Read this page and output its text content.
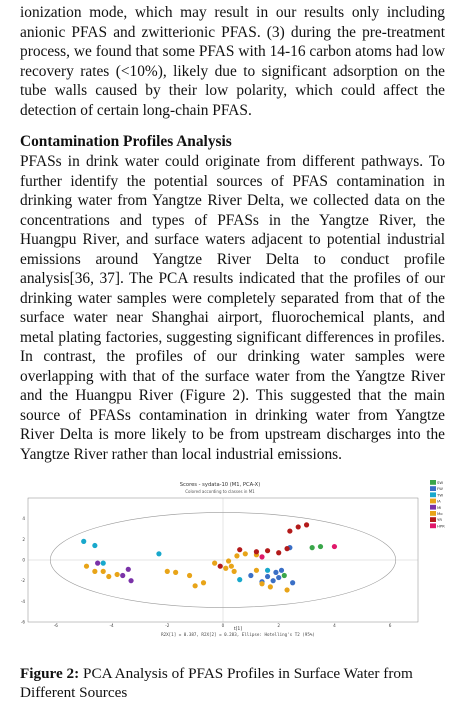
ionization mode, which may result in our results only including anionic PFAS and zwitterionic PFAS. (3) during the pre-treatment process, we found that some PFAS with 14-16 carbon atoms had low recovery rates (<10%), likely due to significant adsorption on the tube walls caused by their low polarity, which could affect the detection of certain long-chain PFAS.

Contamination Profiles Analysis

PFASs in drink water could originate from different pathways. To further identify the potential sources of PFAS contamination in drinking water from Yangtze River Delta, we collected data on the concentrations and types of PFASs in the Yangtze River, the Huangpu River, and surface waters adjacent to potential industrial emissions around Yangtze River Delta to conduct profile analysis[36, 37]. The PCA results indicated that the profiles of our drinking water samples were completely separated from that of the surface water near Shanghai airport, fluorochemical plants, and metal plating factories, suggesting significant differences in profiles. In contrast, the profiles of our drinking water samples were overlapping with that of the surface water from the Yangtze River and the Huangpu River (Figure 2). This suggested that the main source of PFASs contamination in drinking water from Yangtze River Delta is more likely to be from upstream discharges into the Yangtze River rather than local industrial emissions.

Scores - sydata-10 (M1, PCA-X)
Colored according to classes in M1
-6	-4	-2	0	2	4	6
-6
-4
-2
0
2
4
SW
FW
TW
IA
MI
Mo
YR
HPR
t[1]
R2X[1] = 0.387, R2X[2] = 0.283, Ellipse: Hotelling's T2 (95%)

Figure 2: PCA Analysis of PFAS Profiles in Surface Water from Different Sources
